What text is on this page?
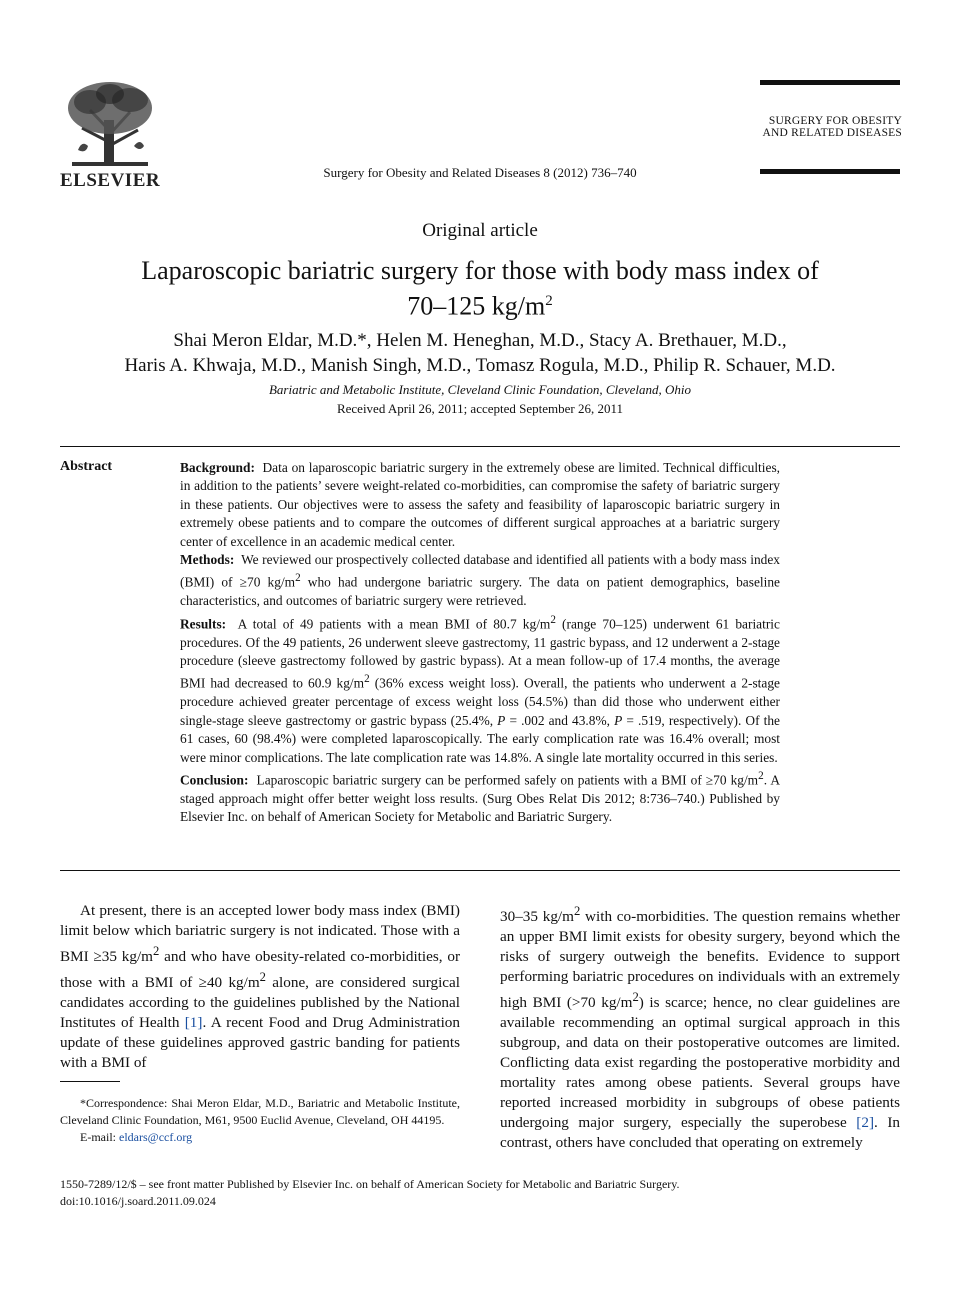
ELSEVIER
SURGERY FOR OBESITY
AND RELATED DISEASES
Surgery for Obesity and Related Diseases 8 (2012) 736–740
Original article
Laparoscopic bariatric surgery for those with body mass index of
70–125 $kg/m^2$
Shai Meron Eldar, M.D.*, Helen M. Heneghan, M.D., Stacy A. Brethauer, M.D.,
Haris A. Khwaja, M.D., Manish Singh, M.D., Tomasz Rogula, M.D., Philip R. Schauer, M.D.
Bariatric and Metabolic Institute, Cleveland Clinic Foundation, Cleveland, Ohio
Received April 26, 2011; accepted September 26, 2011
Abstract	Background: Data on laparoscopic bariatric surgery in the extremely obese are limited. Technical difficulties, in addition to the patients’ severe weight-related co-morbidities, can compromise the safety of bariatric surgery in these patients. Our objectives were to assess the safety and feasibility of laparoscopic bariatric surgery in extremely obese patients and to compare the outcomes of different surgical approaches at a bariatric surgery center of excellence in an academic medical center.

Methods: We reviewed our prospectively collected database and identified all patients with a body mass index (BMI) of ≥70 $kg/m^2$ who had undergone bariatric surgery. The data on patient demographics, baseline characteristics, and outcomes of bariatric surgery were retrieved.

Results: A total of 49 patients with a mean BMI of 80.7 $kg/m^2$ (range 70–125) underwent 61 bariatric procedures. Of the 49 patients, 26 underwent sleeve gastrectomy, 11 gastric bypass, and 12 underwent a 2-stage procedure (sleeve gastrectomy followed by gastric bypass). At a mean follow-up of 17.4 months, the average BMI had decreased to 60.9 $kg/m^2$ (36% excess weight loss). Overall, the patients who underwent a 2-stage procedure achieved greater percentage of excess weight loss (54.5%) than did those who underwent either single-stage sleeve gastrectomy or gastric bypass (25.4%, P = .002 and 43.8%, P = .519, respectively). Of the 61 cases, 60 (98.4%) were completed laparoscopically. The early complication rate was 16.4% overall; most were minor complications. The late complication rate was 14.8%. A single late mortality occurred in this series.

Conclusion: Laparoscopic bariatric surgery can be performed safely on patients with a BMI of ≥70 $kg/m^2$. A staged approach might offer better weight loss results. (Surg Obes Relat Dis 2012; 8:736–740.) Published by Elsevier Inc. on behalf of American Society for Metabolic and Bariatric Surgery.

At present, there is an accepted lower body mass index (BMI) limit below which bariatric surgery is not indicated. Those with a BMI ≥35 $kg/m^2$ and who have obesity-related co-morbidities, or those with a BMI of ≥40 $kg/m^2$ alone, are considered surgical candidates according to the guidelines published by the National Institutes of Health [1]. A recent Food and Drug Administration update of these guidelines approved gastric banding for patients with a BMI of

30–35 $kg/m^2$ with co-morbidities. The question remains whether an upper BMI limit exists for obesity surgery, beyond which the risks of surgery outweigh the benefits. Evidence to support performing bariatric procedures on individuals with an extremely high BMI (>70 $kg/m^2$) is scarce; hence, no clear guidelines are available recommending an optimal surgical approach in this subgroup, and data on their postoperative outcomes are limited. Conflicting data exist regarding the postoperative morbidity and mortality rates among obese patients. Several groups have reported increased morbidity in subgroups of obese patients undergoing major surgery, especially the superobese [2]. In contrast, others have concluded that operating on extremely

*Correspondence: Shai Meron Eldar, M.D., Bariatric and Metabolic Institute, Cleveland Clinic Foundation, M61, 9500 Euclid Avenue, Cleveland, OH 44195.

E-mail: eldars@ccf.org

1550-7289/12/$ – see front matter Published by Elsevier Inc. on behalf of American Society for Metabolic and Bariatric Surgery.

doi:10.1016/j.soard.2011.09.024
